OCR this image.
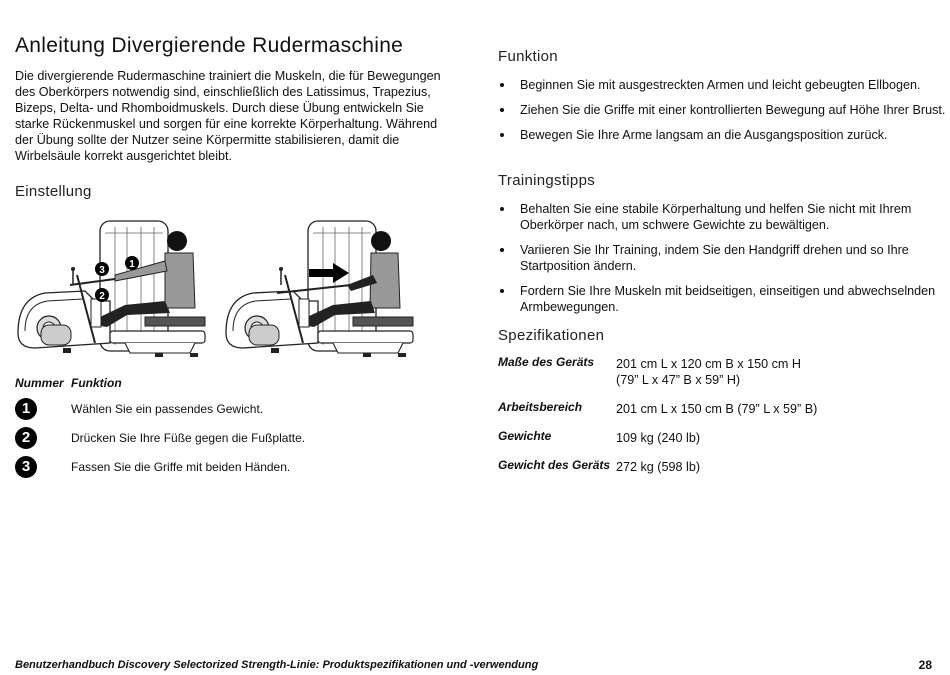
Anleitung Divergierende Rudermaschine

Die divergierende Rudermaschine trainiert die Muskeln, die für Bewegungen des Oberkörpers notwendig sind, einschließlich des Latissimus, Trapezius, Bizeps, Delta- und Rhomboidmuskels. Durch diese Übung entwickeln Sie starke Rückenmuskel und sorgen für eine korrekte Körperhaltung. Während der Übung sollte der Nutzer seine Körpermitte stabilisieren, damit die Wirbelsäule korrekt ausgerichtet bleibt.

Einstellung
3
1
2
Nummer Funktion
1	Wählen Sie ein passendes Gewicht.
2	Drücken Sie Ihre Füße gegen die Fußplatte.
3	Fassen Sie die Griffe mit beiden Händen.
Funktion
Beginnen Sie mit ausgestreckten Armen und leicht gebeugten Ellbogen.
Ziehen Sie die Griffe mit einer kontrollierten Bewegung auf Höhe Ihrer Brust.
Bewegen Sie Ihre Arme langsam an die Ausgangsposition zurück.
Trainingstipps
Behalten Sie eine stabile Körperhaltung und helfen Sie nicht mit Ihrem Oberkörper nach, um schwere Gewichte zu bewältigen.
Variieren Sie Ihr Training, indem Sie den Handgriff drehen und so Ihre Startposition ändern.
Fordern Sie Ihre Muskeln mit beidseitigen, einseitigen und abwechselnden Armbewegungen.
Spezifikationen
Maße des Geräts	201 cm L x 120 cm B x 150 cm H
(79” L x 47” B x 59” H)
Arbeitsbereich	201 cm L x 150 cm B (79” L x 59” B)
Gewichte	109 kg (240 lb)
Gewicht des Geräts 272 kg (598 lb)
Benutzerhandbuch Discovery Selectorized Strength-Linie: Produktspezifikationen und -verwendung	28
